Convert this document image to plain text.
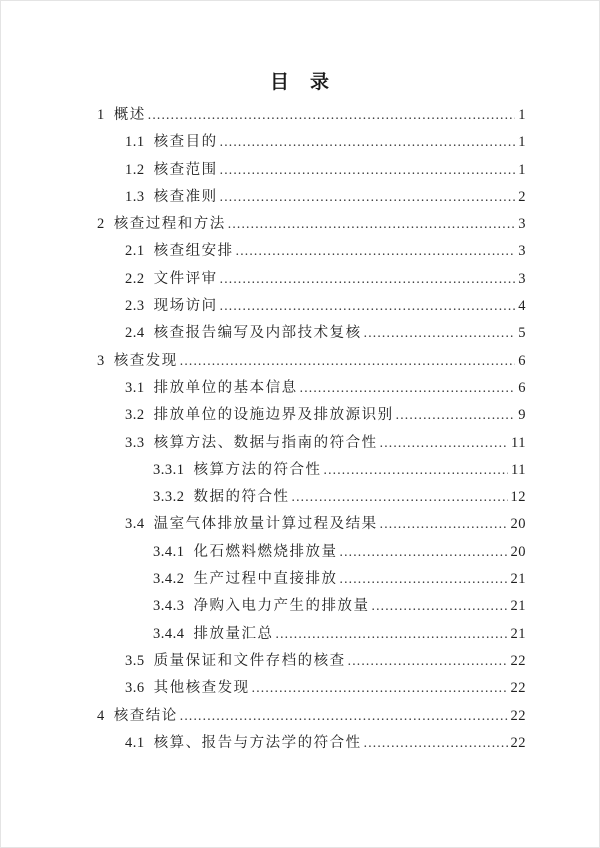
目　录
1 概述 .....	1
1.1 核查目的 .....	1
1.2 核查范围 .....	1
1.3 核查准则 .....	2
2 核查过程和方法 .....	3
2.1 核查组安排 .....	3
2.2 文件评审 .....	3
2.3 现场访问 .....	4
2.4 核查报告编写及内部技术复核 .....	5
3 核查发现 .....	6
3.1 排放单位的基本信息 .....	6
3.2 排放单位的设施边界及排放源识别 .....	9
3.3 核算方法、数据与指南的符合性 .....	11
3.3.1 核算方法的符合性 .....	11
3.3.2 数据的符合性 .....	12
3.4 温室气体排放量计算过程及结果 .....	20
3.4.1 化石燃料燃烧排放量 .....	20
3.4.2 生产过程中直接排放 .....	21
3.4.3 净购入电力产生的排放量 .....	21
3.4.4 排放量汇总 .....	21
3.5 质量保证和文件存档的核查 .....	22
3.6 其他核查发现 .....	22
4 核查结论 .....	22
4.1 核算、报告与方法学的符合性 .....	22
